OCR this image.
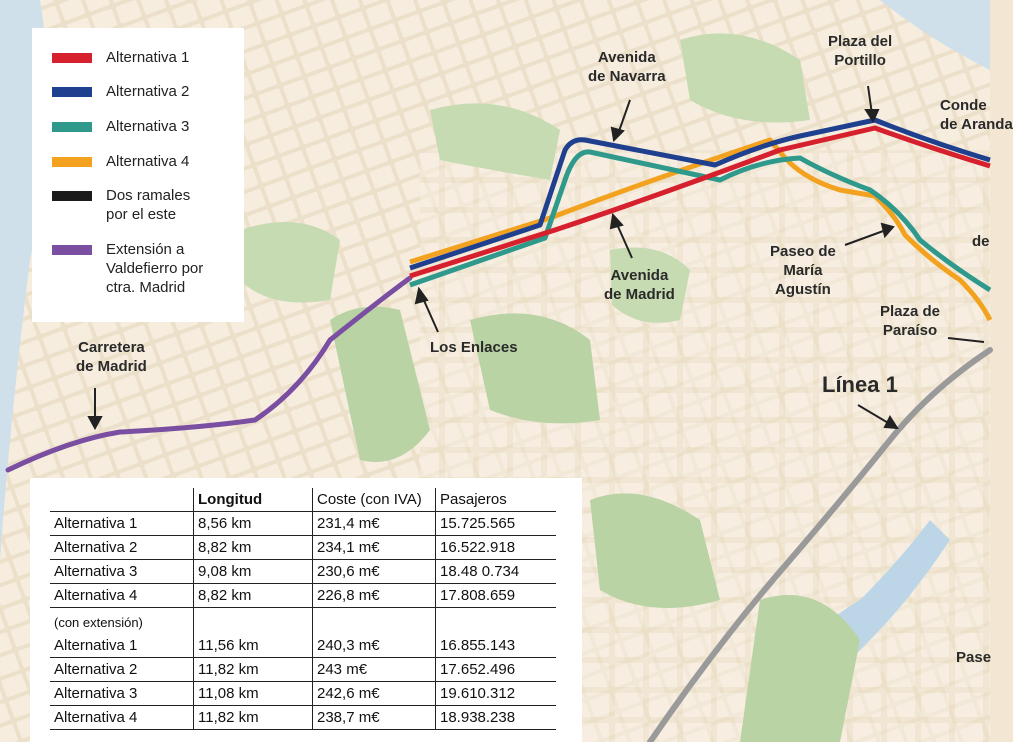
Avenida
de Navarra
Plaza del
Portillo
Conde
de Aranda
Carretera
de Madrid
Los Enlaces
Avenida
de Madrid
Paseo de
María
Agustín
Plaza de
Paraíso
Línea 1
de
Pase
Alternativa 1
Alternativa 2
Alternativa 3
Alternativa 4
Dos ramales
por el este
Extensión a
Valdefierro por
ctra. Madrid
	Longitud	Coste (con IVA)	Pasajeros
Alternativa 1	8,56 km	231,4 m€	15.725.565
Alternativa 2	8,82 km	234,1 m€	16.522.918
Alternativa 3	9,08 km	230,6 m€	18.48 0.734
Alternativa 4	8,82 km	226,8 m€	17.808.659
(con extensión)			
Alternativa 1	11,56 km	240,3 m€	16.855.143
Alternativa 2	11,82 km	243 m€	17.652.496
Alternativa 3	11,08 km	242,6 m€	19.610.312
Alternativa 4	11,82 km	238,7 m€	18.938.238
